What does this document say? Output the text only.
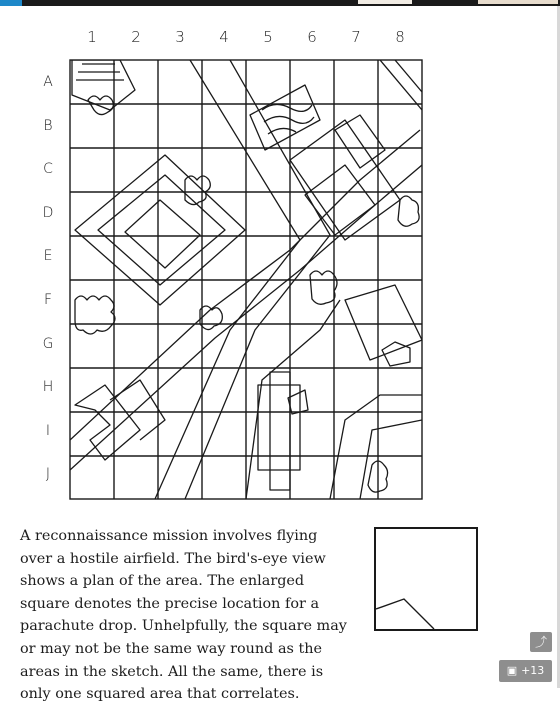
1	2	3	4	5	6	7	8
A
B
C
D
E
F
G
H
I
J

A reconnaissance mission involves flying over a hostile airfield. The bird's-eye view shows a plan of the area. The enlarged square denotes the precise location for a parachute drop. Unhelpfully, the square may or may not be the same way round as the areas in the sketch. All the same, there is only one squared area that correlates.

⤴
▣ +13
